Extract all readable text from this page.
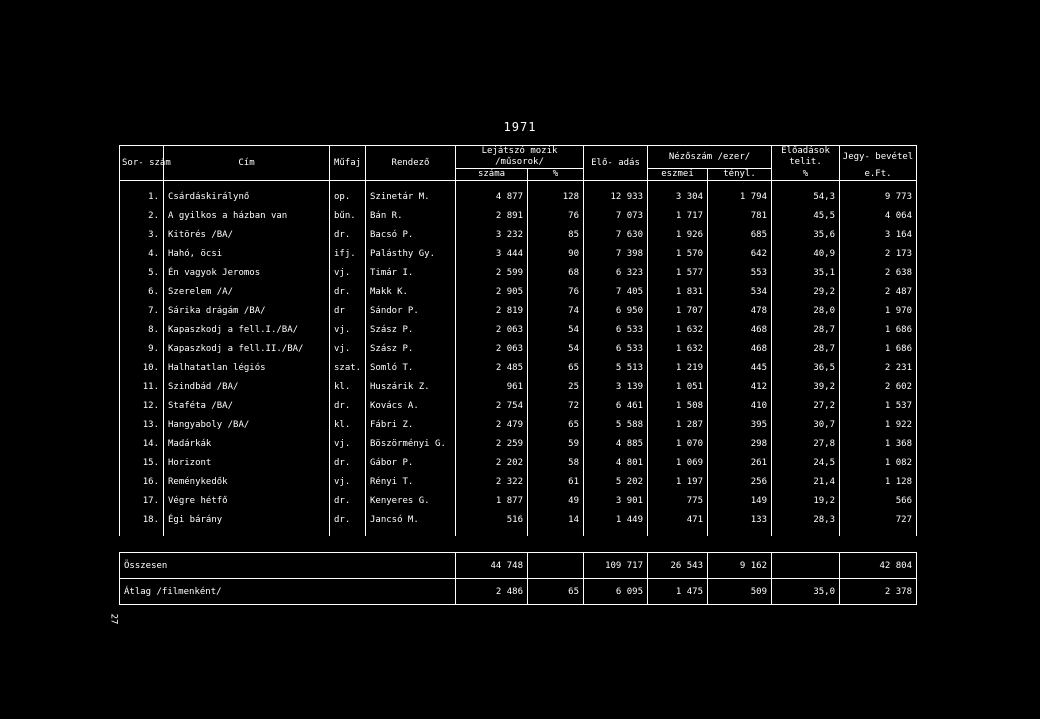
1971
Sor- szám	Cím	Műfaj	Rendező	Lejátszó mozik /műsorok/		Elő- adás	Nézőszám /ezer/		Előadások telit.	Jegy- bevétel
				száma	%		eszmei	tényl.	%	e.Ft.
1.	Csárdáskirálynő	op.	Szinetár M.	4 877	128	12 933	3 304	1 794	54,3	9 773
2.	A gyilkos a házban van	bűn.	Bán R.	2 891	76	7 073	1 717	781	45,5	4 064
3.	Kitörés /BA/	dr.	Bacsó P.	3 232	85	7 630	1 926	685	35,6	3 164
4.	Hahó, öcsi	ifj.	Palásthy Gy.	3 444	90	7 398	1 570	642	40,9	2 173
5.	Én vagyok Jeromos	vj.	Timár I.	2 599	68	6 323	1 577	553	35,1	2 638
6.	Szerelem /A/	dr.	Makk K.	2 905	76	7 405	1 831	534	29,2	2 487
7.	Sárika drágám /BA/	dr	Sándor P.	2 819	74	6 950	1 707	478	28,0	1 970
8.	Kapaszkodj a fell.I./BA/	vj.	Szász P.	2 063	54	6 533	1 632	468	28,7	1 686
9.	Kapaszkodj a fell.II./BA/	vj.	Szász P.	2 063	54	6 533	1 632	468	28,7	1 686
10.	Halhatatlan légiós	szat.	Somló T.	2 485	65	5 513	1 219	445	36,5	2 231
11.	Szindbád /BA/	kl.	Huszárik Z.	961	25	3 139	1 051	412	39,2	2 602
12.	Staféta /BA/	dr.	Kovács A.	2 754	72	6 461	1 508	410	27,2	1 537
13.	Hangyaboly /BA/	kl.	Fábri Z.	2 479	65	5 588	1 287	395	30,7	1 922
14.	Madárkák	vj.	Böszörményi G.	2 259	59	4 885	1 070	298	27,8	1 368
15.	Horizont	dr.	Gábor P.	2 202	58	4 801	1 069	261	24,5	1 082
16.	Reménykedők	vj.	Rényi T.	2 322	61	5 202	1 197	256	21,4	1 128
17.	Végre hétfő	dr.	Kenyeres G.	1 877	49	3 901	775	149	19,2	566
18.	Égi bárány	dr.	Jancsó M.	516	14	1 449	471	133	28,3	727
Összesen	44 748		109 717	26 543	9 162		42 804
Átlag /filmenként/	2 486	65	6 095	1 475	509	35,0	2 378
27
